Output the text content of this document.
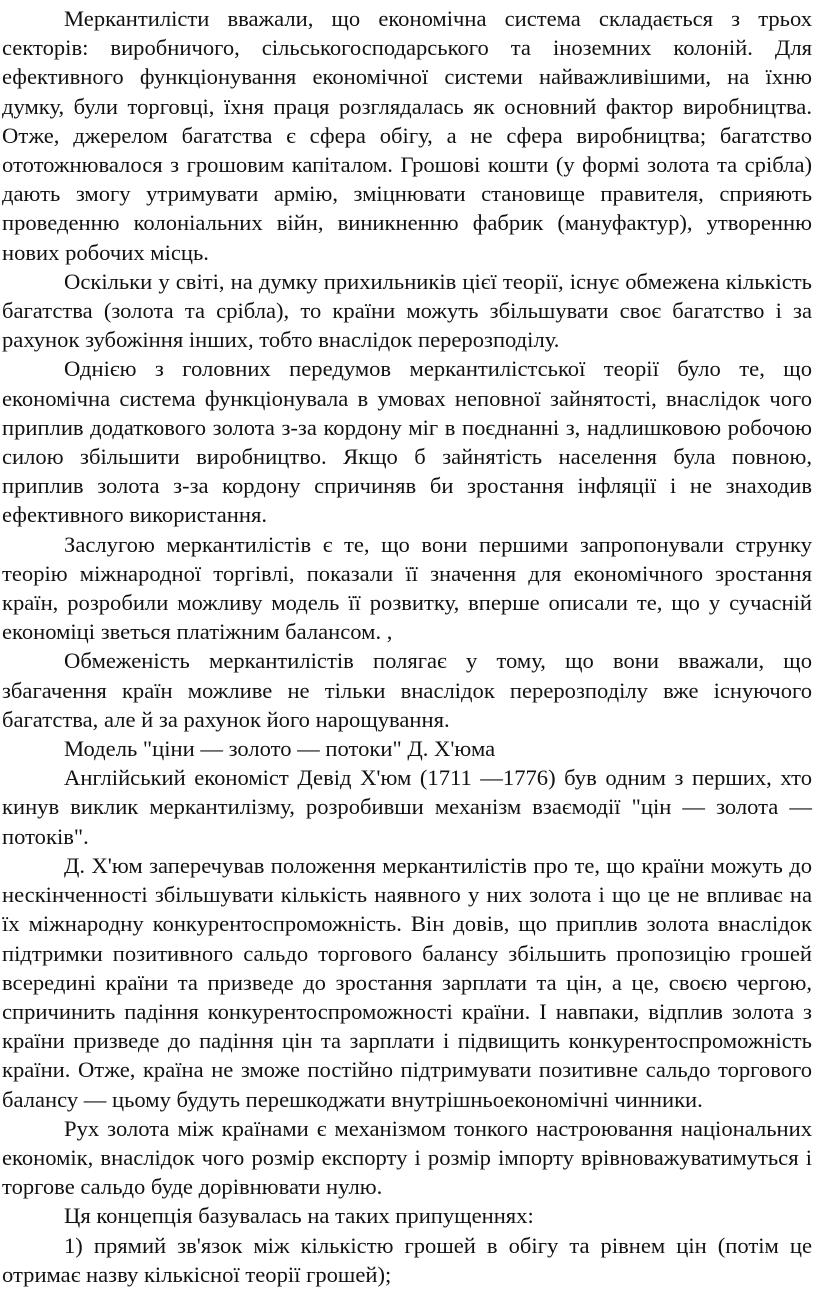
Меркантилісти вважали, що економічна система складається з трьох секторів: виробничого, сільськогосподарського та іноземних колоній. Для ефективного функціонування економічної системи найважливішими, на їхню думку, були торговці, їхня праця розглядалась як основний фактор виробництва. Отже, джерелом багатства є сфера обігу, а не сфера виробництва; багатство ототожнювалося з грошовим капіталом. Грошові кошти (у формі золота та срібла) дають змогу утримувати армію, зміцнювати становище правителя, сприяють проведенню колоніальних війн, виникненню фабрик (мануфактур), утворенню нових робочих місць.

Оскільки у світі, на думку прихильників цієї теорії, існує обмежена кількість багатства (золота та срібла), то країни можуть збільшувати своє багатство і за рахунок зубожіння інших, тобто внаслідок перерозподілу.

Однією з головних передумов меркантилістської теорії було те, що економічна система функціонувала в умовах неповної зайнятості, внаслідок чого приплив додаткового золота з-за кордону міг в поєднанні з, надлишковою робочою силою збільшити виробництво. Якщо б зайнятість населення була повною, приплив золота з-за кордону спричиняв би зростання інфляції і не знаходив ефективного використання.

Заслугою меркантилістів є те, що вони першими запропонували струнку теорію міжнародної торгівлі, показали її значення для економічного зростання країн, розробили можливу модель її розвитку, вперше описали те, що у сучасній економіці зветься платіжним балансом. ,

Обмеженість меркантилістів полягає у тому, що вони вважали, що збагачення країн можливе не тільки внаслідок перерозподілу вже існуючого багатства, але й за рахунок його нарощування.

Модель "ціни — золото — потоки" Д. Х'юма

Англійський економіст Девід Х'юм (1711 —1776) був одним з перших, хто кинув виклик меркантилізму, розробивши механізм взаємодії "цін — золота — потоків".

Д. Х'юм заперечував положення меркантилістів про те, що країни можуть до нескінченності збільшувати кількість наявного у них золота і що це не впливає на їх міжнародну конкурентоспроможність. Він довів, що приплив золота внаслідок підтримки позитивного сальдо торгового балансу збільшить пропозицію грошей всередині країни та призведе до зростання зарплати та цін, а це, своєю чергою, спричинить падіння конкурентоспроможності країни. І навпаки, відплив золота з країни призведе до падіння цін та зарплати і підвищить конкурентоспроможність країни. Отже, країна не зможе постійно підтримувати позитивне сальдо торгового балансу — цьому будуть перешкоджати внутрішньоекономічні чинники.

Рух золота між країнами є механізмом тонкого настроювання національних економік, внаслідок чого розмір експорту і розмір імпорту врівноважуватимуться і торгове сальдо буде дорівнювати нулю.

Ця концепція базувалась на таких припущеннях:

1) прямий зв'язок між кількістю грошей в обігу та рівнем цін (потім це отримає назву кількісної теорії грошей);
